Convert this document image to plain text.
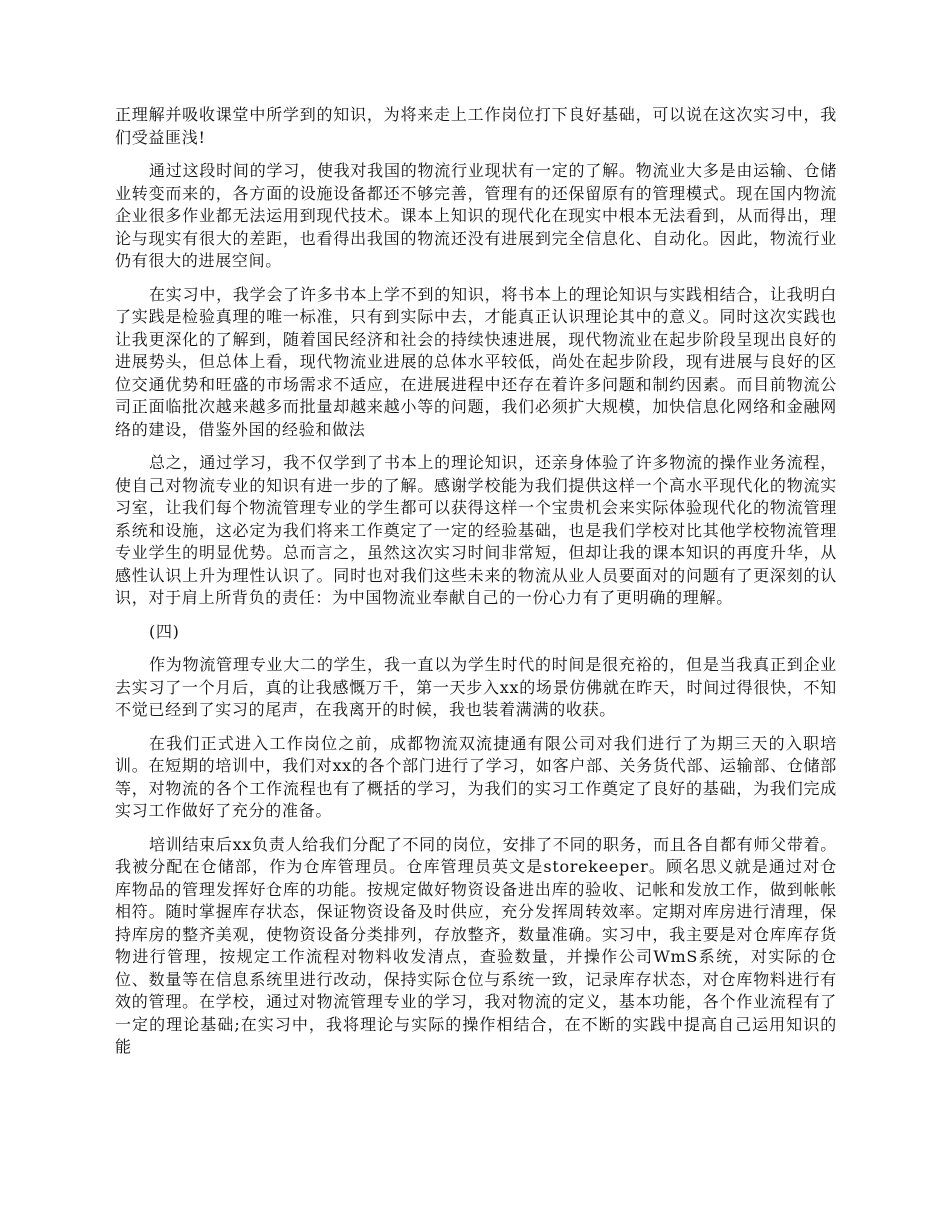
正理解并吸收课堂中所学到的知识，为将来走上工作岗位打下良好基础，可以说在这次实习中，我们受益匪浅!

通过这段时间的学习，使我对我国的物流行业现状有一定的了解。物流业大多是由运输、仓储业转变而来的，各方面的设施设备都还不够完善，管理有的还保留原有的管理模式。现在国内物流企业很多作业都无法运用到现代技术。课本上知识的现代化在现实中根本无法看到，从而得出，理论与现实有很大的差距，也看得出我国的物流还没有进展到完全信息化、自动化。因此，物流行业仍有很大的进展空间。

在实习中，我学会了许多书本上学不到的知识，将书本上的理论知识与实践相结合，让我明白了实践是检验真理的唯一标准，只有到实际中去，才能真正认识理论其中的意义。同时这次实践也让我更深化的了解到，随着国民经济和社会的持续快速进展，现代物流业在起步阶段呈现出良好的进展势头，但总体上看，现代物流业进展的总体水平较低，尚处在起步阶段，现有进展与良好的区位交通优势和旺盛的市场需求不适应，在进展进程中还存在着许多问题和制约因素。而目前物流公司正面临批次越来越多而批量却越来越小等的问题，我们必须扩大规模，加快信息化网络和金融网络的建设，借鉴外国的经验和做法

总之，通过学习，我不仅学到了书本上的理论知识，还亲身体验了许多物流的操作业务流程，使自己对物流专业的知识有进一步的了解。感谢学校能为我们提供这样一个高水平现代化的物流实习室，让我们每个物流管理专业的学生都可以获得这样一个宝贵机会来实际体验现代化的物流管理系统和设施，这必定为我们将来工作奠定了一定的经验基础，也是我们学校对比其他学校物流管理专业学生的明显优势。总而言之，虽然这次实习时间非常短，但却让我的课本知识的再度升华，从感性认识上升为理性认识了。同时也对我们这些未来的物流从业人员要面对的问题有了更深刻的认识，对于肩上所背负的责任：为中国物流业奉献自己的一份心力有了更明确的理解。

(四)

作为物流管理专业大二的学生，我一直以为学生时代的时间是很充裕的，但是当我真正到企业去实习了一个月后，真的让我感慨万千，第一天步入xx的场景仿佛就在昨天，时间过得很快，不知不觉已经到了实习的尾声，在我离开的时候，我也装着满满的收获。

在我们正式进入工作岗位之前，成都物流双流捷通有限公司对我们进行了为期三天的入职培训。在短期的培训中，我们对xx的各个部门进行了学习，如客户部、关务货代部、运输部、仓储部等，对物流的各个工作流程也有了概括的学习，为我们的实习工作奠定了良好的基础，为我们完成实习工作做好了充分的准备。

培训结束后xx负责人给我们分配了不同的岗位，安排了不同的职务，而且各自都有师父带着。我被分配在仓储部，作为仓库管理员。仓库管理员英文是storekeeper。顾名思义就是通过对仓库物品的管理发挥好仓库的功能。按规定做好物资设备进出库的验收、记帐和发放工作，做到帐帐相符。随时掌握库存状态，保证物资设备及时供应，充分发挥周转效率。定期对库房进行清理，保持库房的整齐美观，使物资设备分类排列，存放整齐，数量准确。实习中，我主要是对仓库库存货物进行管理，按规定工作流程对物料收发清点，查验数量，并操作公司WmS系统，对实际的仓位、数量等在信息系统里进行改动，保持实际仓位与系统一致，记录库存状态，对仓库物料进行有效的管理。在学校，通过对物流管理专业的学习，我对物流的定义，基本功能，各个作业流程有了一定的理论基础;在实习中，我将理论与实际的操作相结合，在不断的实践中提高自己运用知识的能
